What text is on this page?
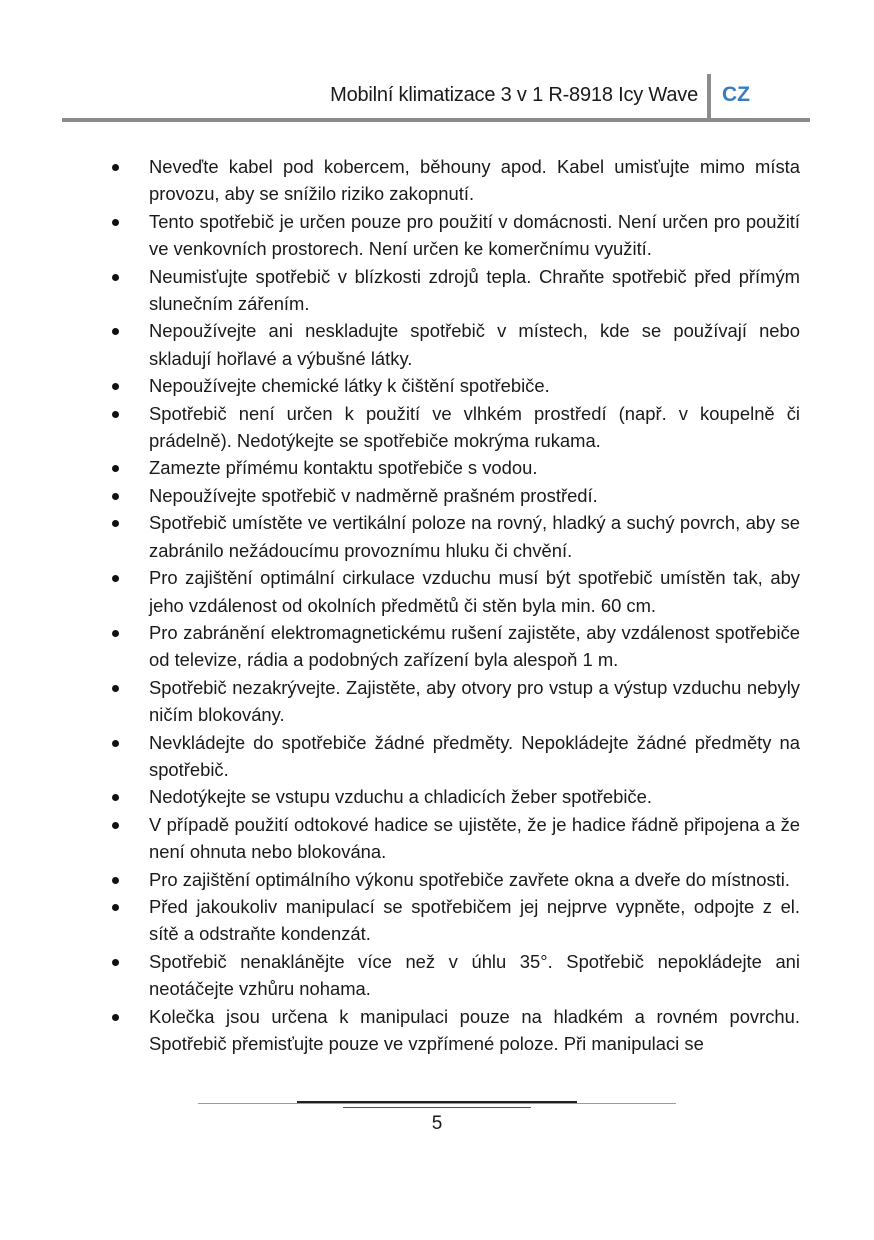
Mobilní klimatizace 3 v 1 R-8918 Icy Wave CZ
Neveďte kabel pod kobercem, běhouny apod. Kabel umisťujte mimo místa provozu, aby se snížilo riziko zakopnutí.
Tento spotřebič je určen pouze pro použití v domácnosti. Není určen pro použití ve venkovních prostorech. Není určen ke komerčnímu využití.
Neumisťujte spotřebič v blízkosti zdrojů tepla. Chraňte spotřebič před přímým slunečním zářením.
Nepoužívejte ani neskladujte spotřebič v místech, kde se používají nebo skladují hořlavé a výbušné látky.
Nepoužívejte chemické látky k čištění spotřebiče.
Spotřebič není určen k použití ve vlhkém prostředí (např. v koupelně či prádelně). Nedotýkejte se spotřebiče mokrýma rukama.
Zamezte přímému kontaktu spotřebiče s vodou.
Nepoužívejte spotřebič v nadměrně prašném prostředí.
Spotřebič umístěte ve vertikální poloze na rovný, hladký a suchý povrch, aby se zabránilo nežádoucímu provoznímu hluku či chvění.
Pro zajištění optimální cirkulace vzduchu musí být spotřebič umístěn tak, aby jeho vzdálenost od okolních předmětů či stěn byla min. 60 cm.
Pro zabránění elektromagnetickému rušení zajistěte, aby vzdálenost spotřebiče od televize, rádia a podobných zařízení byla alespoň 1 m.
Spotřebič nezakrývejte. Zajistěte, aby otvory pro vstup a výstup vzduchu nebyly ničím blokovány.
Nevkládejte do spotřebiče žádné předměty. Nepokládejte žádné předměty na spotřebič.
Nedotýkejte se vstupu vzduchu a chladicích žeber spotřebiče.
V případě použití odtokové hadice se ujistěte, že je hadice řádně připojena a že není ohnuta nebo blokována.
Pro zajištění optimálního výkonu spotřebiče zavřete okna a dveře do místnosti.
Před jakoukoliv manipulací se spotřebičem jej nejprve vypněte, odpojte z el. sítě a odstraňte kondenzát.
Spotřebič nenaklánějte více než v úhlu 35°. Spotřebič nepokládejte ani neotáčejte vzhůru nohama.
Kolečka jsou určena k manipulaci pouze na hladkém a rovném povrchu. Spotřebič přemisťujte pouze ve vzpřímené poloze. Při manipulaci se
5
